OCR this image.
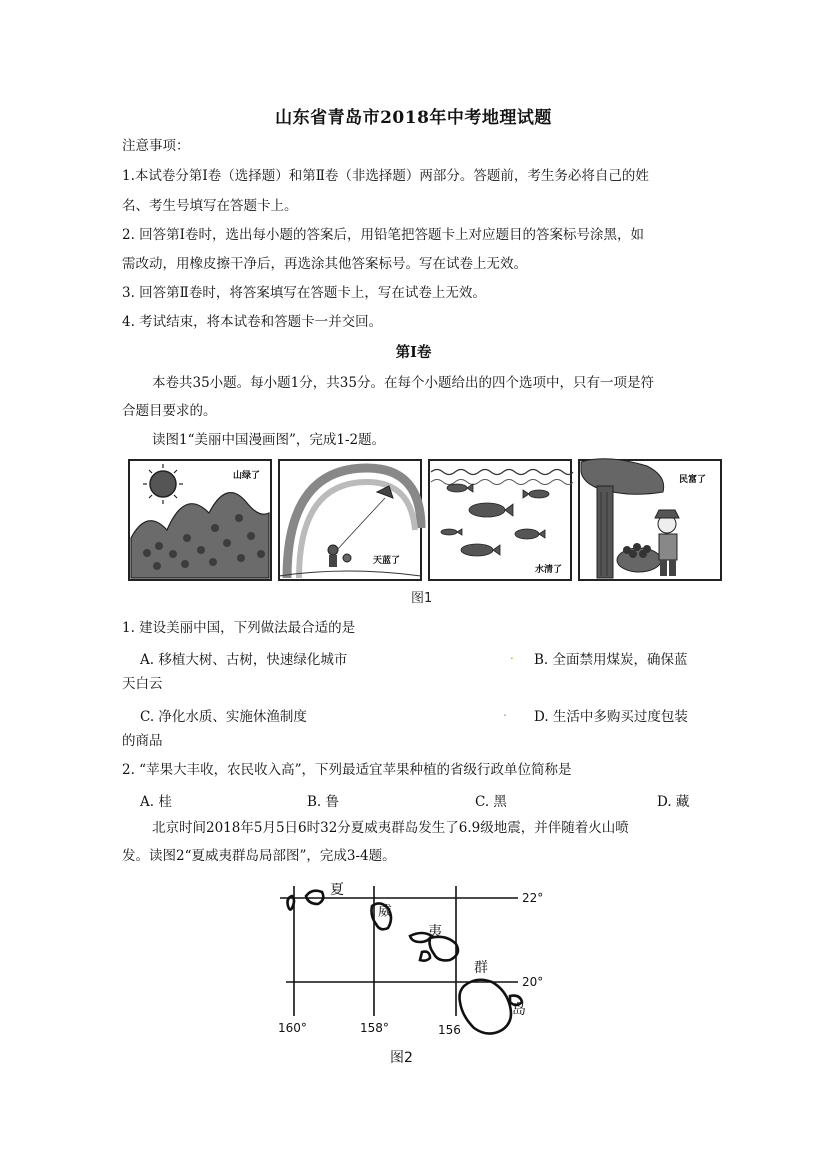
山东省青岛市2018年中考地理试题
注意事项：
1.本试卷分第Ⅰ卷（选择题）和第Ⅱ卷（非选择题）两部分。答题前，考生务必将自己的姓
名、考生号填写在答题卡上。
2. 回答第Ⅰ卷时，选出每小题的答案后，用铅笔把答题卡上对应题目的答案标号涂黑，如
需改动，用橡皮擦干净后，再选涂其他答案标号。写在试卷上无效。
3. 回答第Ⅱ卷时，将答案填写在答题卡上，写在试卷上无效。
4. 考试结束，将本试卷和答题卡一并交回。
第Ⅰ卷
本卷共35小题。每小题1分，共35分。在每个小题给出的四个选项中，只有一项是符
合题目要求的。
读图1“美丽中国漫画图”，完成1-2题。
山绿了
天蓝了
水清了
民富了
图1
1. 建设美丽中国，下列做法最合适的是
A. 移植大树、古树，快速绿化城市	. B. 全面禁用煤炭，确保蓝
天白云
C. 净化水质、实施休渔制度	. D. 生活中多购买过度包装
的商品
2. “苹果大丰收，农民收入高”，下列最适宜苹果种植的省级行政单位简称是
A. 桂	B. 鲁	C. 黑	D. 藏
北京时间2018年5月5日6时32分夏威夷群岛发生了6.9级地震，并伴随着火山喷
发。读图2“夏威夷群岛局部图”，完成3-4题。
夏
威
夷
群
岛
22°
20°
160°	158°	156
图2
